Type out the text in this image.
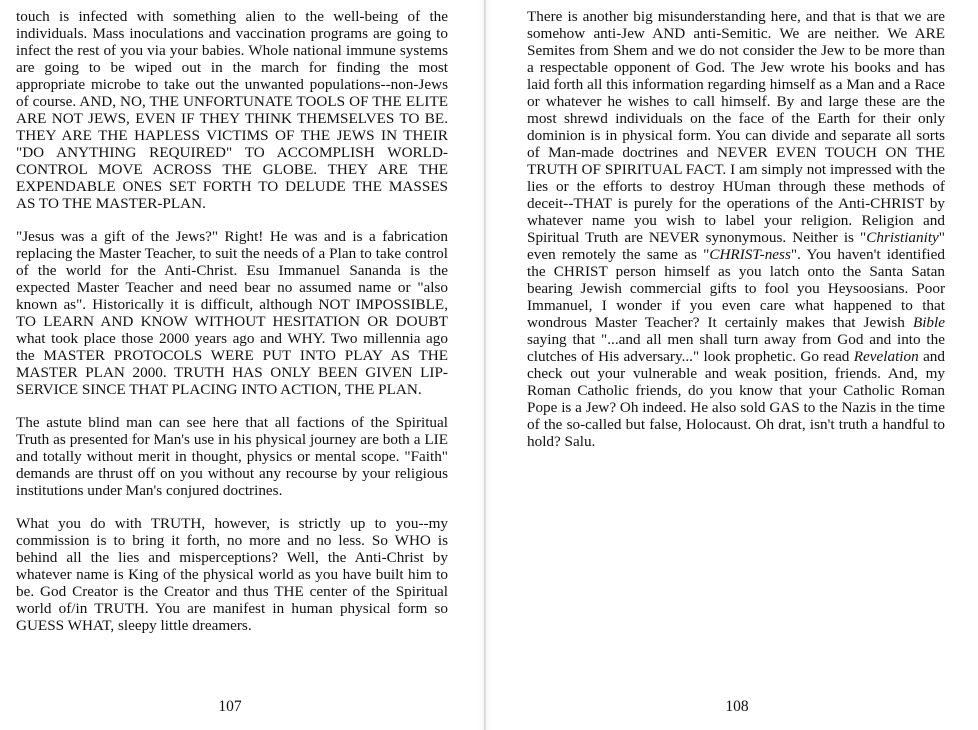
touch is infected with something alien to the well-being of the individuals. Mass inoculations and vaccination programs are going to infect the rest of you via your babies. Whole national immune systems are going to be wiped out in the march for finding the most appropriate microbe to take out the unwanted populations--non-Jews of course. AND, NO, THE UNFORTUNATE TOOLS OF THE ELITE ARE NOT JEWS, EVEN IF THEY THINK THEMSELVES TO BE. THEY ARE THE HAPLESS VICTIMS OF THE JEWS IN THEIR "DO ANYTHING REQUIRED" TO ACCOMPLISH WORLD-CONTROL MOVE ACROSS THE GLOBE. THEY ARE THE EXPENDABLE ONES SET FORTH TO DELUDE THE MASSES AS TO THE MASTER-PLAN.

"Jesus was a gift of the Jews?" Right! He was and is a fabrication replacing the Master Teacher, to suit the needs of a Plan to take control of the world for the Anti-Christ. Esu Immanuel Sananda is the expected Master Teacher and need bear no assumed name or "also known as". Historically it is difficult, although NOT IMPOSSIBLE, TO LEARN AND KNOW WITHOUT HESITATION OR DOUBT what took place those 2000 years ago and WHY. Two millennia ago the MASTER PROTOCOLS WERE PUT INTO PLAY AS THE MASTER PLAN 2000. TRUTH HAS ONLY BEEN GIVEN LIP-SERVICE SINCE THAT PLACING INTO ACTION, THE PLAN.

The astute blind man can see here that all factions of the Spiritual Truth as presented for Man's use in his physical journey are both a LIE and totally without merit in thought, physics or mental scope. "Faith" demands are thrust off on you without any recourse by your religious institutions under Man's conjured doctrines.

What you do with TRUTH, however, is strictly up to you--my commission is to bring it forth, no more and no less. So WHO is behind all the lies and misperceptions? Well, the Anti-Christ by whatever name is King of the physical world as you have built him to be. God Creator is the Creator and thus THE center of the Spiritual world of/in TRUTH. You are manifest in human physical form so GUESS WHAT, sleepy little dreamers.

107

There is another big misunderstanding here, and that is that we are somehow anti-Jew AND anti-Semitic. We are neither. We ARE Semites from Shem and we do not consider the Jew to be more than a respectable opponent of God. The Jew wrote his books and has laid forth all this information regarding himself as a Man and a Race or whatever he wishes to call himself. By and large these are the most shrewd individuals on the face of the Earth for their only dominion is in physical form. You can divide and separate all sorts of Man-made doctrines and NEVER EVEN TOUCH ON THE TRUTH OF SPIRITUAL FACT. I am simply not impressed with the lies or the efforts to destroy HUman through these methods of deceit--THAT is purely for the operations of the Anti-CHRIST by whatever name you wish to label your religion. Religion and Spiritual Truth are NEVER synonymous. Neither is "Christianity" even remotely the same as "CHRIST-ness". You haven't identified the CHRIST person himself as you latch onto the Santa Satan bearing Jewish commercial gifts to fool you Heysoosians. Poor Immanuel, I wonder if you even care what happened to that wondrous Master Teacher? It certainly makes that Jewish Bible saying that "...and all men shall turn away from God and into the clutches of His adversary..." look prophetic. Go read Revelation and check out your vulnerable and weak position, friends. And, my Roman Catholic friends, do you know that your Catholic Roman Pope is a Jew? Oh indeed. He also sold GAS to the Nazis in the time of the so-called but false, Holocaust. Oh drat, isn't truth a handful to hold? Salu.

108
